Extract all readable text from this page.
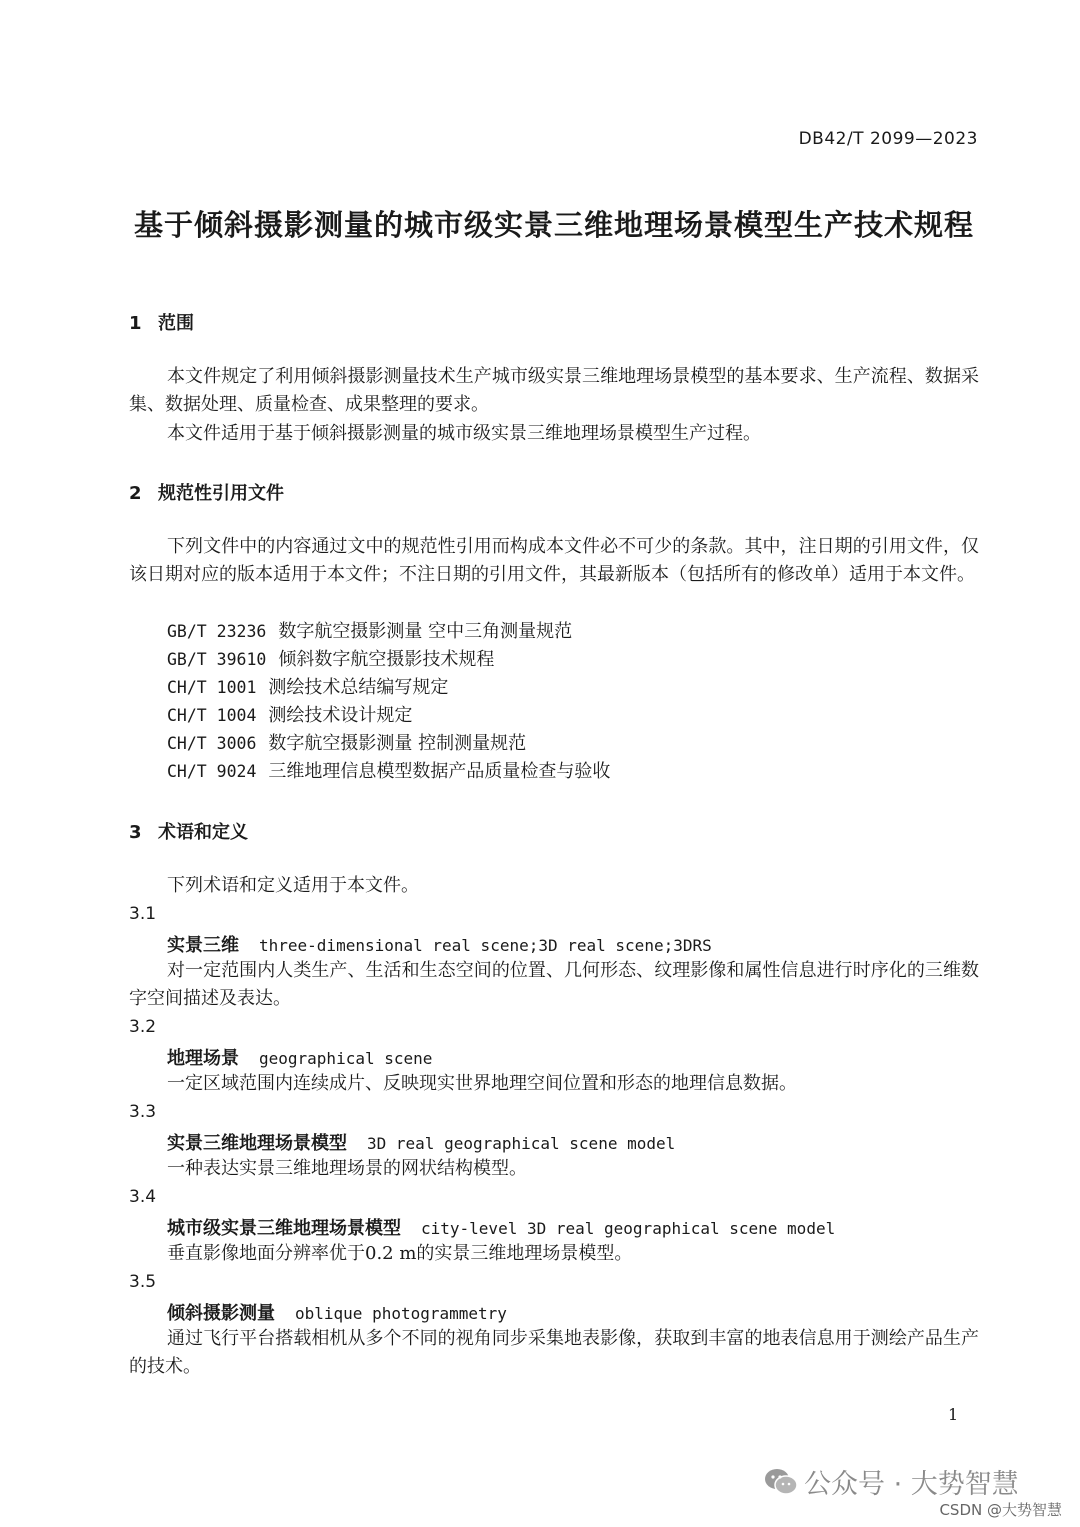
DB42/T 2099—2023
基于倾斜摄影测量的城市级实景三维地理场景模型生产技术规程
1 范围
本文件规定了利用倾斜摄影测量技术生产城市级实景三维地理场景模型的基本要求、生产流程、数据采集、数据处理、质量检查、成果整理的要求。
本文件适用于基于倾斜摄影测量的城市级实景三维地理场景模型生产过程。
2 规范性引用文件
下列文件中的内容通过文中的规范性引用而构成本文件必不可少的条款。其中，注日期的引用文件，仅该日期对应的版本适用于本文件；不注日期的引用文件，其最新版本（包括所有的修改单）适用于本文件。
GB/T 23236 数字航空摄影测量 空中三角测量规范
GB/T 39610 倾斜数字航空摄影技术规程
CH/T 1001 测绘技术总结编写规定
CH/T 1004 测绘技术设计规定
CH/T 3006 数字航空摄影测量 控制测量规范
CH/T 9024 三维地理信息模型数据产品质量检查与验收
3 术语和定义
下列术语和定义适用于本文件。
3.1
实景三维 three-dimensional real scene;3D real scene;3DRS
对一定范围内人类生产、生活和生态空间的位置、几何形态、纹理影像和属性信息进行时序化的三维数字空间描述及表达。
3.2
地理场景 geographical scene
一定区域范围内连续成片、反映现实世界地理空间位置和形态的地理信息数据。
3.3
实景三维地理场景模型 3D real geographical scene model
一种表达实景三维地理场景的网状结构模型。
3.4
城市级实景三维地理场景模型 city-level 3D real geographical scene model
垂直影像地面分辨率优于0.2 m的实景三维地理场景模型。
3.5
倾斜摄影测量 oblique photogrammetry
通过飞行平台搭载相机从多个不同的视角同步采集地表影像，获取到丰富的地表信息用于测绘产品生产的技术。
1
公众号 · 大势智慧
CSDN @大势智慧
